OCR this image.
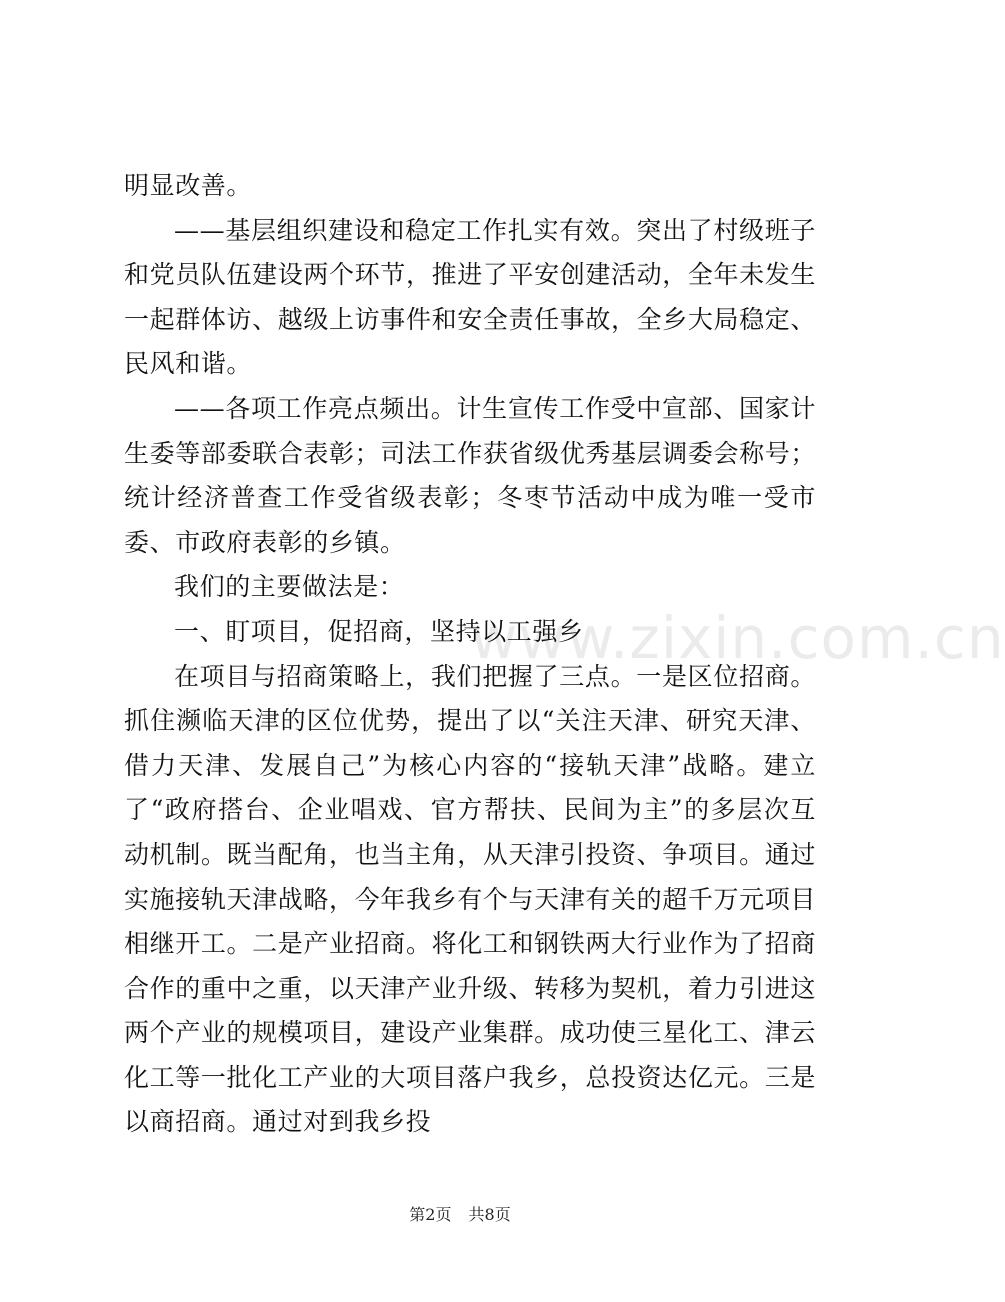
明显改善。

——基层组织建设和稳定工作扎实有效。突出了村级班子和党员队伍建设两个环节，推进了平安创建活动，全年未发生一起群体访、越级上访事件和安全责任事故，全乡大局稳定、民风和谐。

——各项工作亮点频出。计生宣传工作受中宣部、国家计生委等部委联合表彰；司法工作获省级优秀基层调委会称号；统计经济普查工作受省级表彰；冬枣节活动中成为唯一受市委、市政府表彰的乡镇。

我们的主要做法是：

一、盯项目，促招商，坚持以工强乡

在项目与招商策略上，我们把握了三点。一是区位招商。抓住濒临天津的区位优势，提出了以“关注天津、研究天津、借力天津、发展自己”为核心内容的“接轨天津”战略。建立了“政府搭台、企业唱戏、官方帮扶、民间为主”的多层次互动机制。既当配角，也当主角，从天津引投资、争项目。通过实施接轨天津战略，今年我乡有个与天津有关的超千万元项目相继开工。二是产业招商。将化工和钢铁两大行业作为了招商合作的重中之重，以天津产业升级、转移为契机，着力引进这两个产业的规模项目，建设产业集群。成功使三星化工、津云化工等一批化工产业的大项目落户我乡，总投资达亿元。三是以商招商。通过对到我乡投

www.zixin.com.cn
第2页 共8页
